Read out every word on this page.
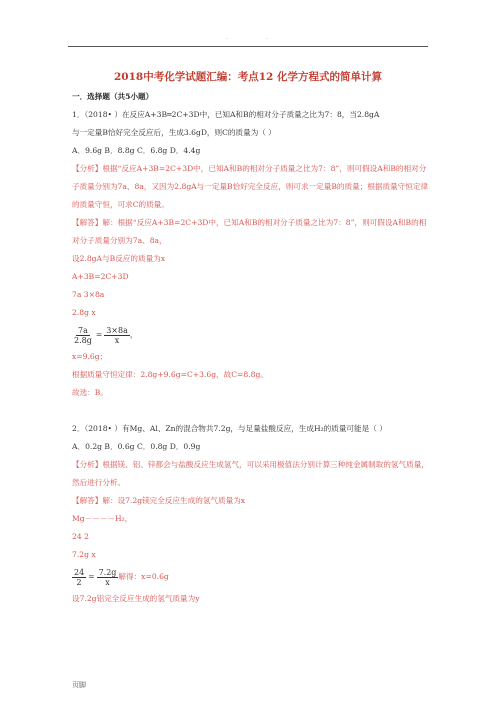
. .
2018中考化学试题汇编：考点12 化学方程式的简单计算
一．选择题（共5小题）
1．（2018• ）在反应A+3B═2C+3D中，已知A和B的相对分子质量之比为7：8，当2.8gA
与一定量B恰好完全反应后，生成3.6gD，则C的质量为（ ）
A．9.6g B．8.8g C．6.8g D．4.4g
【分析】根据“反应A+3B=2C+3D中，已知A和B的相对分子质量之比为7：8”，则可假设A和B的相对分子质量分别为7a、8a，又因为2.8gA与一定量B恰好完全反应，则可求一定量B的质量；根据质量守恒定律的质量守恒，可求C的质量。
【解答】解：根据“反应A+3B=2C+3D中，已知A和B的相对分子质量之比为7：8”，则可假设A和B的相对分子质量分别为7a、8a，
设2.8gA与B反应的质量为x
A+3B=2C+3D
7a 3×8a
2.8g x
$\frac{7a}{2.8g} = \frac{3\times 8a}{x}$ ，
x=9.6g；
根据质量守恒定律：2.8g+9.6g=C+3.6g，故C=8.8g。
故选：B。
2．（2018• ）有Mg、Al、Zn的混合物共7.2g，与足量盐酸反应，生成H₂的质量可能是（ ）
A．0.2g B．0.6g C．0.8g D．0.9g
【分析】根据镁、铝、锌都会与盐酸反应生成氢气，可以采用极值法分别计算三种纯金属制取的氢气质量，然后进行分析。
【解答】解：设7.2g镁完全反应生成的氢气质量为x
Mg－－－－H₂，
24 2
7.2g x
$\frac{24}{2} = \frac{7.2g}{x}$ 解得：x=0.6g
设7.2g铝完全反应生成的氢气质量为y
页脚
